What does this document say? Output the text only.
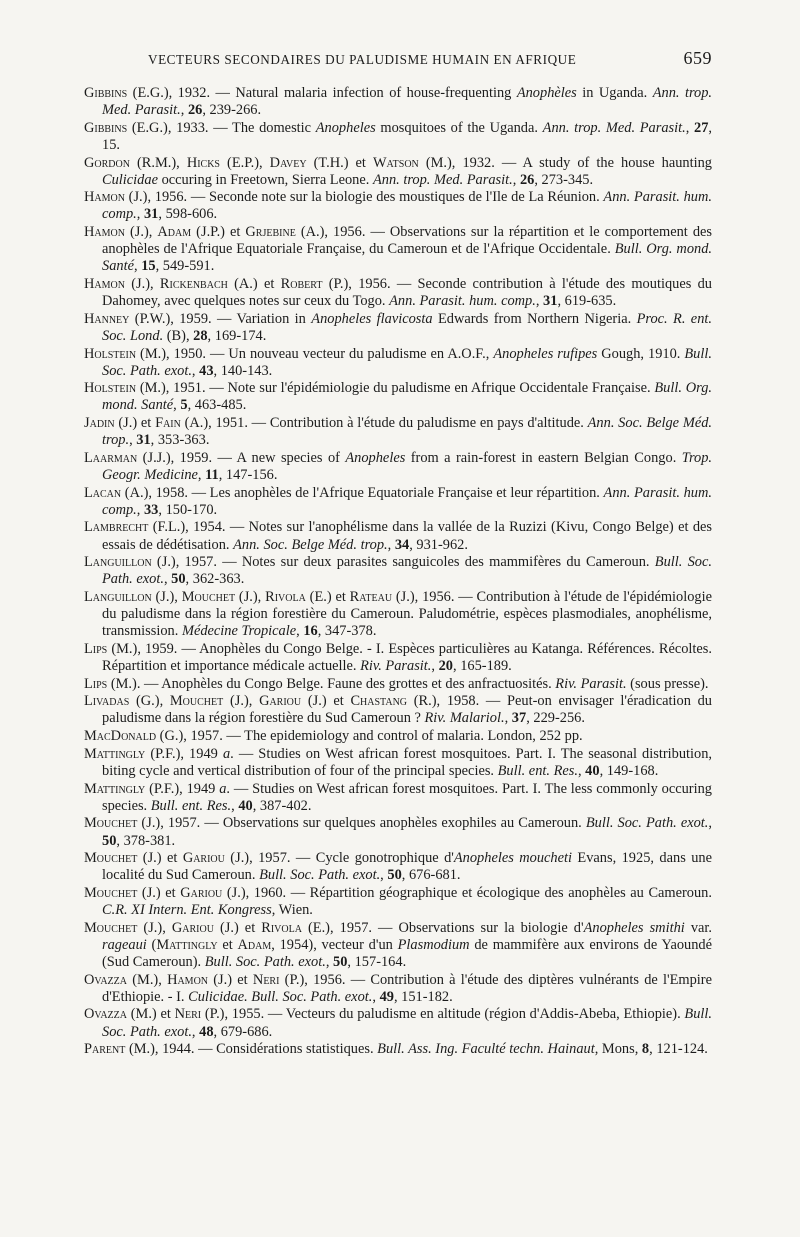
VECTEURS SECONDAIRES DU PALUDISME HUMAIN EN AFRIQUE	659
Gibbins (E.G.), 1932. — Natural malaria infection of house-frequenting Anophèles in Uganda. Ann. trop. Med. Parasit., 26, 239-266.
Gibbins (E.G.), 1933. — The domestic Anopheles mosquitoes of the Uganda. Ann. trop. Med. Parasit., 27, 15.
Gordon (R.M.), Hicks (E.P.), Davey (T.H.) et Watson (M.), 1932. — A study of the house haunting Culicidae occuring in Freetown, Sierra Leone. Ann. trop. Med. Parasit., 26, 273-345.
Hamon (J.), 1956. — Seconde note sur la biologie des moustiques de l'Ile de La Réunion. Ann. Parasit. hum. comp., 31, 598-606.
Hamon (J.), Adam (J.P.) et Grjebine (A.), 1956. — Observations sur la répartition et le comportement des anophèles de l'Afrique Equatoriale Française, du Cameroun et de l'Afrique Occidentale. Bull. Org. mond. Santé, 15, 549-591.
Hamon (J.), Rickenbach (A.) et Robert (P.), 1956. — Seconde contribution à l'étude des moutiques du Dahomey, avec quelques notes sur ceux du Togo. Ann. Parasit. hum. comp., 31, 619-635.
Hanney (P.W.), 1959. — Variation in Anopheles flavicosta Edwards from Northern Nigeria. Proc. R. ent. Soc. Lond. (B), 28, 169-174.
Holstein (M.), 1950. — Un nouveau vecteur du paludisme en A.O.F., Anopheles rufipes Gough, 1910. Bull. Soc. Path. exot., 43, 140-143.
Holstein (M.), 1951. — Note sur l'épidémiologie du paludisme en Afrique Occidentale Française. Bull. Org. mond. Santé, 5, 463-485.
Jadin (J.) et Fain (A.), 1951. — Contribution à l'étude du paludisme en pays d'altitude. Ann. Soc. Belge Méd. trop., 31, 353-363.
Laarman (J.J.), 1959. — A new species of Anopheles from a rain-forest in eastern Belgian Congo. Trop. Geogr. Medicine, 11, 147-156.
Lacan (A.), 1958. — Les anophèles de l'Afrique Equatoriale Française et leur répartition. Ann. Parasit. hum. comp., 33, 150-170.
Lambrecht (F.L.), 1954. — Notes sur l'anophélisme dans la vallée de la Ruzizi (Kivu, Congo Belge) et des essais de dédétisation. Ann. Soc. Belge Méd. trop., 34, 931-962.
Languillon (J.), 1957. — Notes sur deux parasites sanguicoles des mammifères du Cameroun. Bull. Soc. Path. exot., 50, 362-363.
Languillon (J.), Mouchet (J.), Rivola (E.) et Rateau (J.), 1956. — Contribution à l'étude de l'épidémiologie du paludisme dans la région forestière du Cameroun. Paludométrie, espèces plasmodiales, anophélisme, transmission. Médecine Tropicale, 16, 347-378.
Lips (M.), 1959. — Anophèles du Congo Belge. - I. Espèces particulières au Katanga. Références. Récoltes. Répartition et importance médicale actuelle. Riv. Parasit., 20, 165-189.
Lips (M.). — Anophèles du Congo Belge. Faune des grottes et des anfractuosités. Riv. Parasit. (sous presse).
Livadas (G.), Mouchet (J.), Gariou (J.) et Chastang (R.), 1958. — Peut-on envisager l'éradication du paludisme dans la région forestière du Sud Cameroun ? Riv. Malariol., 37, 229-256.
MacDonald (G.), 1957. — The epidemiology and control of malaria. London, 252 pp.
Mattingly (P.F.), 1949 a. — Studies on West african forest mosquitoes. Part. I. The seasonal distribution, biting cycle and vertical distribution of four of the principal species. Bull. ent. Res., 40, 149-168.
Mattingly (P.F.), 1949 a. — Studies on West african forest mosquitoes. Part. I. The less commonly occuring species. Bull. ent. Res., 40, 387-402.
Mouchet (J.), 1957. — Observations sur quelques anophèles exophiles au Cameroun. Bull. Soc. Path. exot., 50, 378-381.
Mouchet (J.) et Gariou (J.), 1957. — Cycle gonotrophique d'Anopheles moucheti Evans, 1925, dans une localité du Sud Cameroun. Bull. Soc. Path. exot., 50, 676-681.
Mouchet (J.) et Gariou (J.), 1960. — Répartition géographique et écologique des anophèles au Cameroun. C.R. XI Intern. Ent. Kongress, Wien.
Mouchet (J.), Gariou (J.) et Rivola (E.), 1957. — Observations sur la biologie d'Anopheles smithi var. rageaui (Mattingly et Adam, 1954), vecteur d'un Plasmodium de mammifère aux environs de Yaoundé (Sud Cameroun). Bull. Soc. Path. exot., 50, 157-164.
Ovazza (M.), Hamon (J.) et Neri (P.), 1956. — Contribution à l'étude des diptères vulnérants de l'Empire d'Ethiopie. - I. Culicidae. Bull. Soc. Path. exot., 49, 151-182.
Ovazza (M.) et Neri (P.), 1955. — Vecteurs du paludisme en altitude (région d'Addis-Abeba, Ethiopie). Bull. Soc. Path. exot., 48, 679-686.
Parent (M.), 1944. — Considérations statistiques. Bull. Ass. Ing. Faculté techn. Hainaut, Mons, 8, 121-124.
